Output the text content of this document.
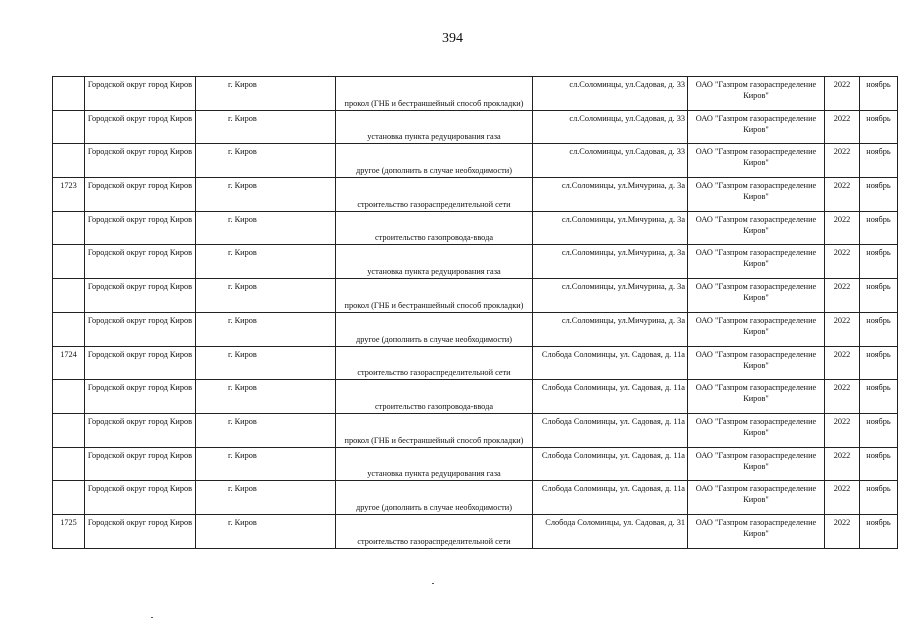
394
	Городской округ город Киров	г. Киров	прокол (ГНБ и бестраншейный способ прокладки)	сл.Соломинцы, ул.Садовая, д. 33	ОАО "Газпром газораспределение Киров"	2022	ноябрь
	Городской округ город Киров	г. Киров	установка пункта редуцирования газа	сл.Соломинцы, ул.Садовая, д. 33	ОАО "Газпром газораспределение Киров"	2022	ноябрь
	Городской округ город Киров	г. Киров	другое (дополнить в случае необходимости)	сл.Соломинцы, ул.Садовая, д. 33	ОАО "Газпром газораспределение Киров"	2022	ноябрь
1723	Городской округ город Киров	г. Киров	строительство газораспределительной сети	сл.Соломинцы, ул.Мичурина, д. 3а	ОАО "Газпром газораспределение Киров"	2022	ноябрь
	Городской округ город Киров	г. Киров	строительство газопровода-ввода	сл.Соломинцы, ул.Мичурина, д. 3а	ОАО "Газпром газораспределение Киров"	2022	ноябрь
	Городской округ город Киров	г. Киров	установка пункта редуцирования газа	сл.Соломинцы, ул.Мичурина, д. 3а	ОАО "Газпром газораспределение Киров"	2022	ноябрь
	Городской округ город Киров	г. Киров	прокол (ГНБ и бестраншейный способ прокладки)	сл.Соломинцы, ул.Мичурина, д. 3а	ОАО "Газпром газораспределение Киров"	2022	ноябрь
	Городской округ город Киров	г. Киров	другое (дополнить в случае необходимости)	сл.Соломинцы, ул.Мичурина, д. 3а	ОАО "Газпром газораспределение Киров"	2022	ноябрь
1724	Городской округ город Киров	г. Киров	строительство газораспределительной сети	Слобода Соломинцы, ул. Садовая, д. 11а	ОАО "Газпром газораспределение Киров"	2022	ноябрь
	Городской округ город Киров	г. Киров	строительство газопровода-ввода	Слобода Соломинцы, ул. Садовая, д. 11а	ОАО "Газпром газораспределение Киров"	2022	ноябрь
	Городской округ город Киров	г. Киров	прокол (ГНБ и бестраншейный способ прокладки)	Слобода Соломинцы, ул. Садовая, д. 11а	ОАО "Газпром газораспределение Киров"	2022	ноябрь
	Городской округ город Киров	г. Киров	установка пункта редуцирования газа	Слобода Соломинцы, ул. Садовая, д. 11а	ОАО "Газпром газораспределение Киров"	2022	ноябрь
	Городской округ город Киров	г. Киров	другое (дополнить в случае необходимости)	Слобода Соломинцы, ул. Садовая, д. 11а	ОАО "Газпром газораспределение Киров"	2022	ноябрь
1725	Городской округ город Киров	г. Киров	строительство газораспределительной сети	Слобода Соломинцы, ул. Садовая, д. 31	ОАО "Газпром газораспределение Киров"	2022	ноябрь
